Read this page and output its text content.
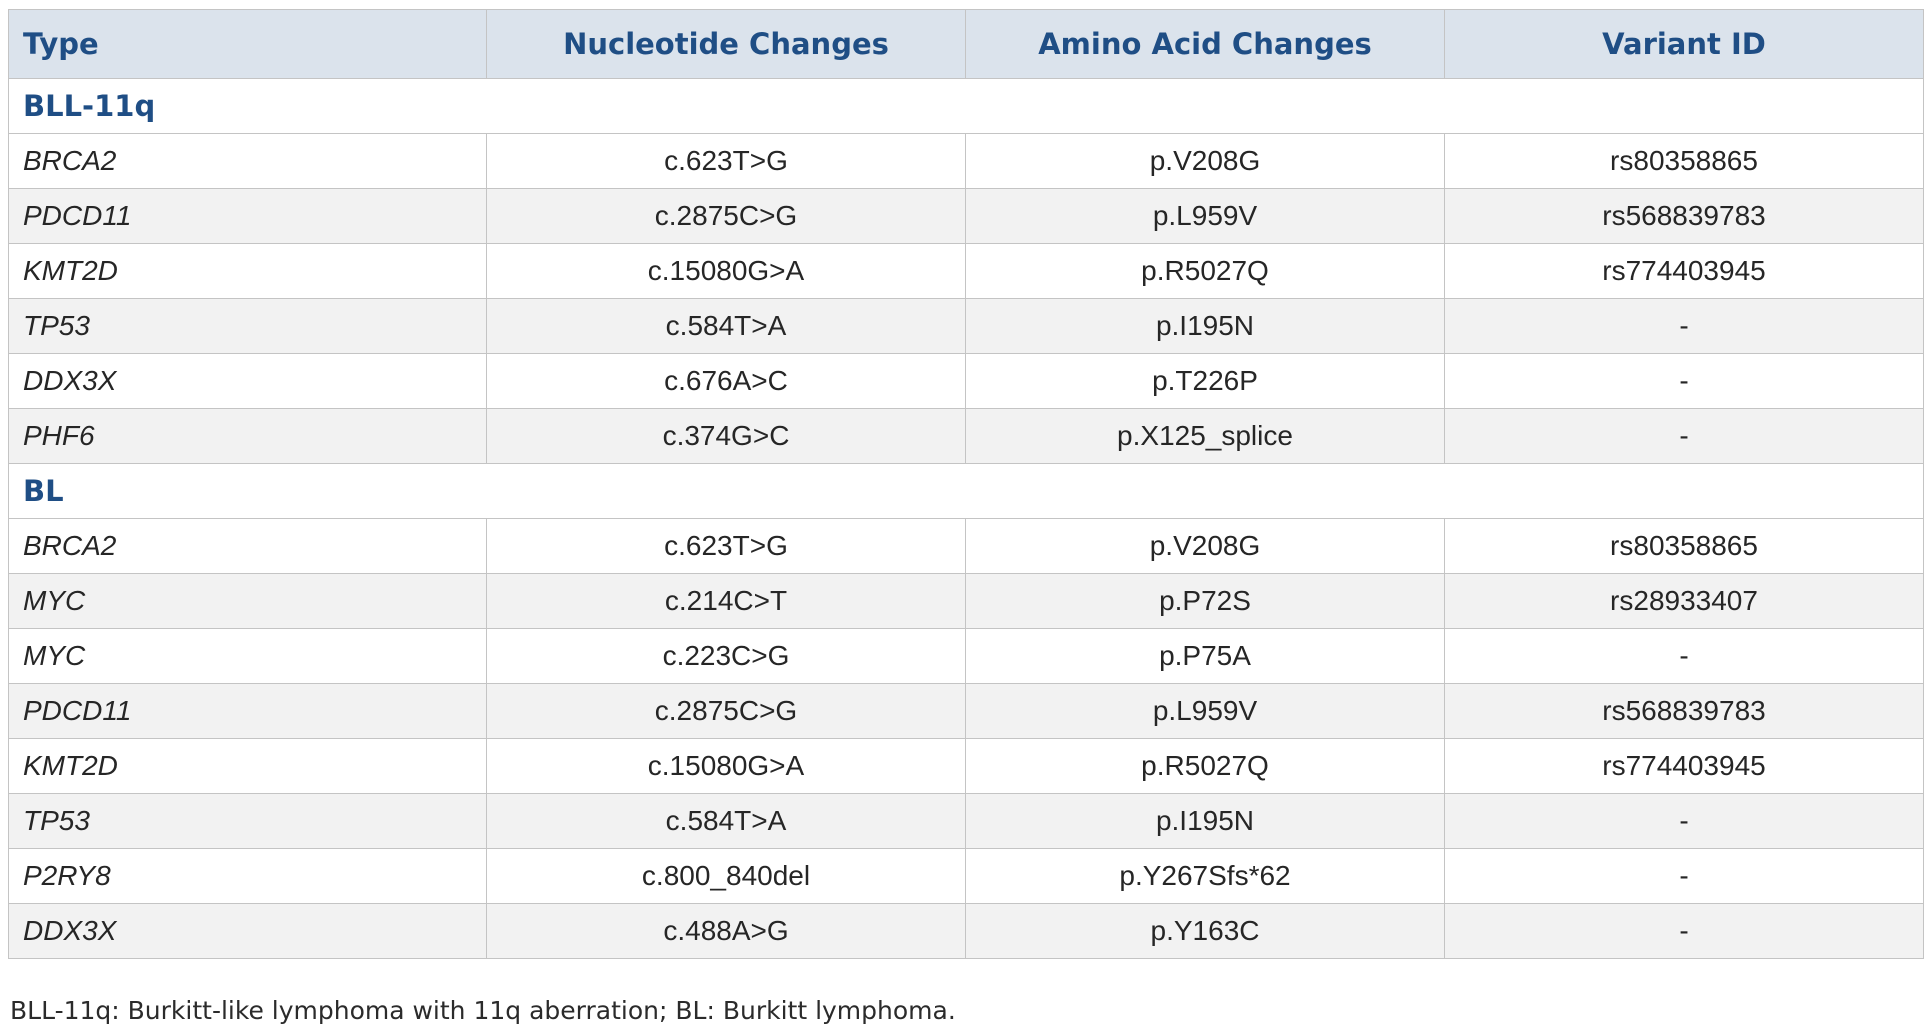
Type	Nucleotide Changes	Amino Acid Changes	Variant ID
BLL-11q			
BRCA2	c.623T>G	p.V208G	rs80358865
PDCD11	c.2875C>G	p.L959V	rs568839783
KMT2D	c.15080G>A	p.R5027Q	rs774403945
TP53	c.584T>A	p.I195N	-
DDX3X	c.676A>C	p.T226P	-
PHF6	c.374G>C	p.X125_splice	-
BL			
BRCA2	c.623T>G	p.V208G	rs80358865
MYC	c.214C>T	p.P72S	rs28933407
MYC	c.223C>G	p.P75A	-
PDCD11	c.2875C>G	p.L959V	rs568839783
KMT2D	c.15080G>A	p.R5027Q	rs774403945
TP53	c.584T>A	p.I195N	-
P2RY8	c.800_840del	p.Y267Sfs*62	-
DDX3X	c.488A>G	p.Y163C	-
BLL-11q: Burkitt-like lymphoma with 11q aberration; BL: Burkitt lymphoma.
